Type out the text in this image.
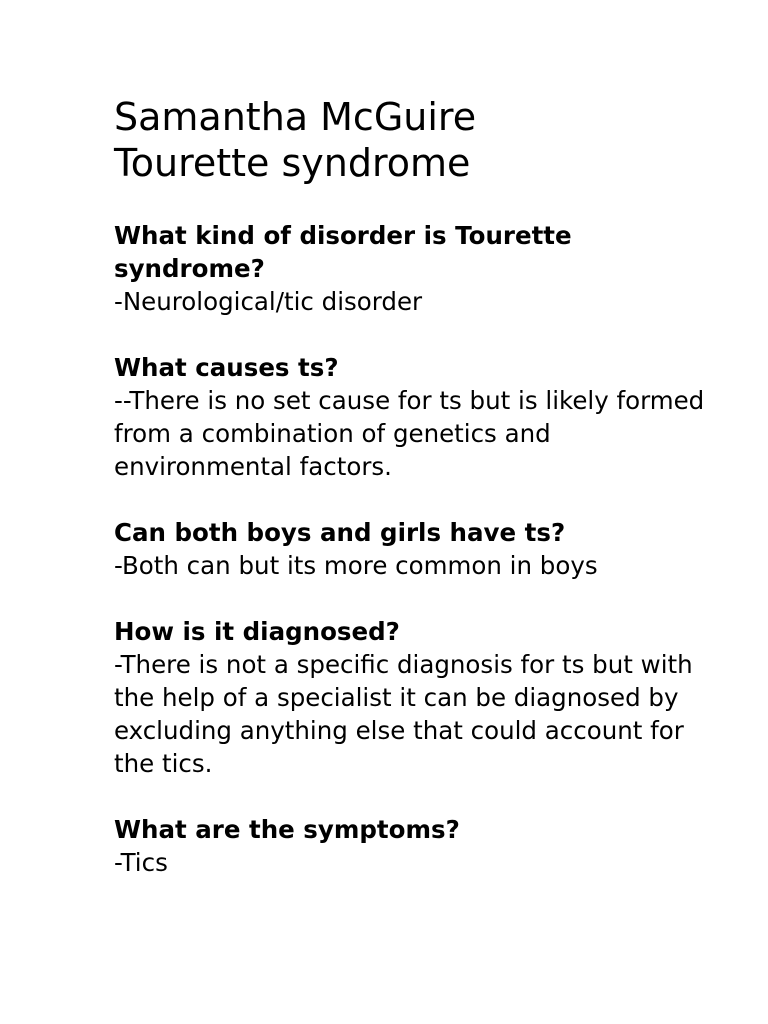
Samantha McGuire
Tourette syndrome

What kind of disorder is Tourette syndrome?

-Neurological/tic disorder

What causes ts?

--There is no set cause for ts but is likely formed from a combination of genetics and environmental factors.

Can both boys and girls have ts?

-Both can but its more common in boys

How is it diagnosed?

-There is not a specific diagnosis for ts but with the help of a specialist it can be diagnosed by excluding anything else that could account for the tics.

What are the symptoms?

-Tics
